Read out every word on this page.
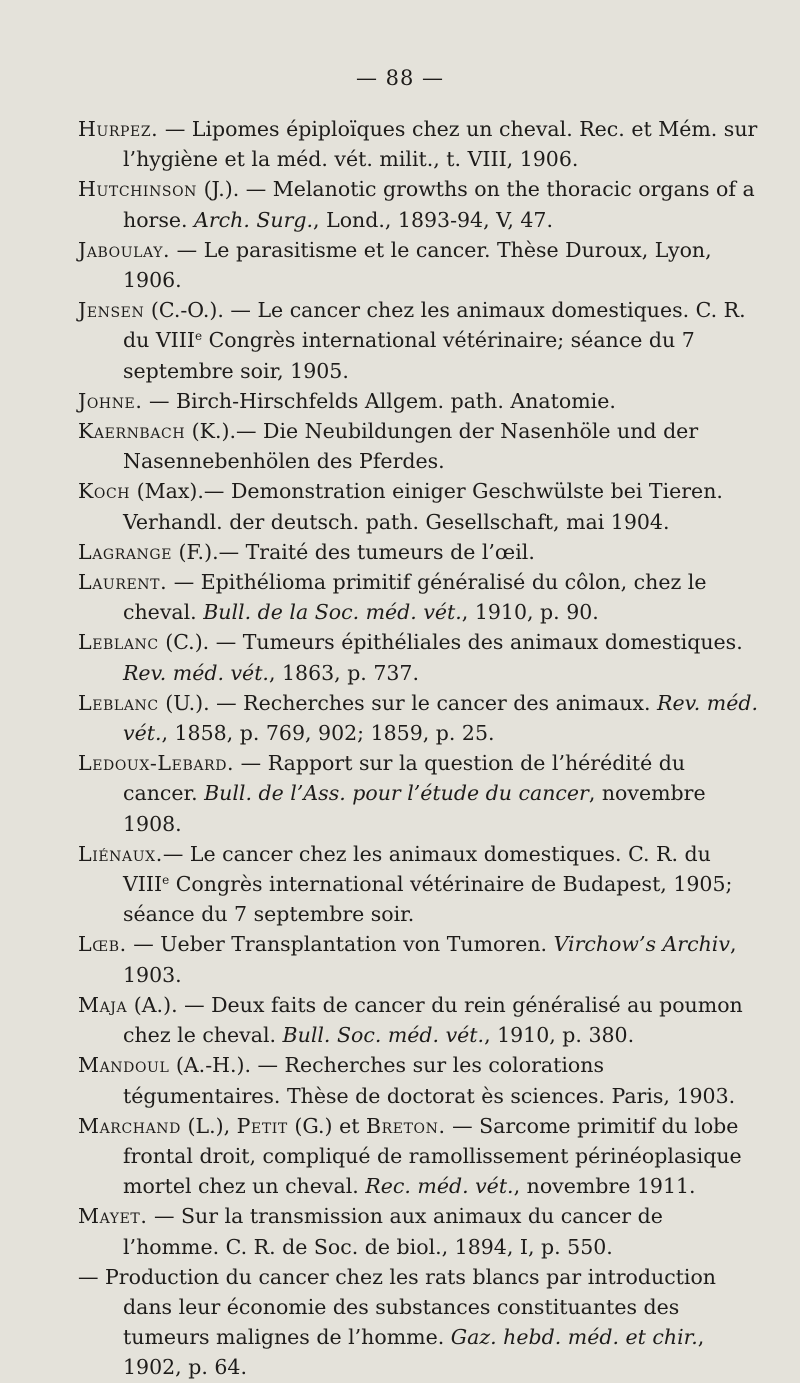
— 88 —

Hurpez. — Lipomes épiploïques chez un cheval. Rec. et Mém. sur l’hygiène et la méd. vét. milit., t. VIII, 1906.

Hutchinson (J.). — Melanotic growths on the thoracic organs of a horse. Arch. Surg., Lond., 1893-94, V, 47.

Jaboulay. — Le parasitisme et le cancer. Thèse Duroux, Lyon, 1906.

Jensen (C.-O.). — Le cancer chez les animaux domestiques. C. R. du VIIIe Congrès international vétérinaire; séance du 7 septembre soir, 1905.

Johne. — Birch-Hirschfelds Allgem. path. Anatomie.

Kaernbach (K.).— Die Neubildungen der Nasenhöle und der Nasennebenhölen des Pferdes.

Koch (Max).— Demonstration einiger Geschwülste bei Tieren. Verhandl. der deutsch. path. Gesellschaft, mai 1904.

Lagrange (F.).— Traité des tumeurs de l’œil.

Laurent. — Epithélioma primitif généralisé du côlon, chez le cheval. Bull. de la Soc. méd. vét., 1910, p. 90.

Leblanc (C.). — Tumeurs épithéliales des animaux domestiques. Rev. méd. vét., 1863, p. 737.

Leblanc (U.). — Recherches sur le cancer des animaux. Rev. méd. vét., 1858, p. 769, 902; 1859, p. 25.

Ledoux-Lebard. — Rapport sur la question de l’hérédité du cancer. Bull. de l’Ass. pour l’étude du cancer, novembre 1908.

Liénaux.— Le cancer chez les animaux domestiques. C. R. du VIIIe Congrès international vétérinaire de Budapest, 1905; séance du 7 septembre soir.

Lœb. — Ueber Transplantation von Tumoren. Virchow’s Archiv, 1903.

Maja (A.). — Deux faits de cancer du rein généralisé au poumon chez le cheval. Bull. Soc. méd. vét., 1910, p. 380.

Mandoul (A.-H.). — Recherches sur les colorations tégumentaires. Thèse de doctorat ès sciences. Paris, 1903.

Marchand (L.), Petit (G.) et Breton. — Sarcome primitif du lobe frontal droit, compliqué de ramollissement périnéoplasique mortel chez un cheval. Rec. méd. vét., novembre 1911.

Mayet. — Sur la transmission aux animaux du cancer de l’homme. C. R. de Soc. de biol., 1894, I, p. 550.

— Production du cancer chez les rats blancs par introduction dans leur économie des substances constituantes des tumeurs malignes de l’homme. Gaz. hebd. méd. et chir., 1902, p. 64.
